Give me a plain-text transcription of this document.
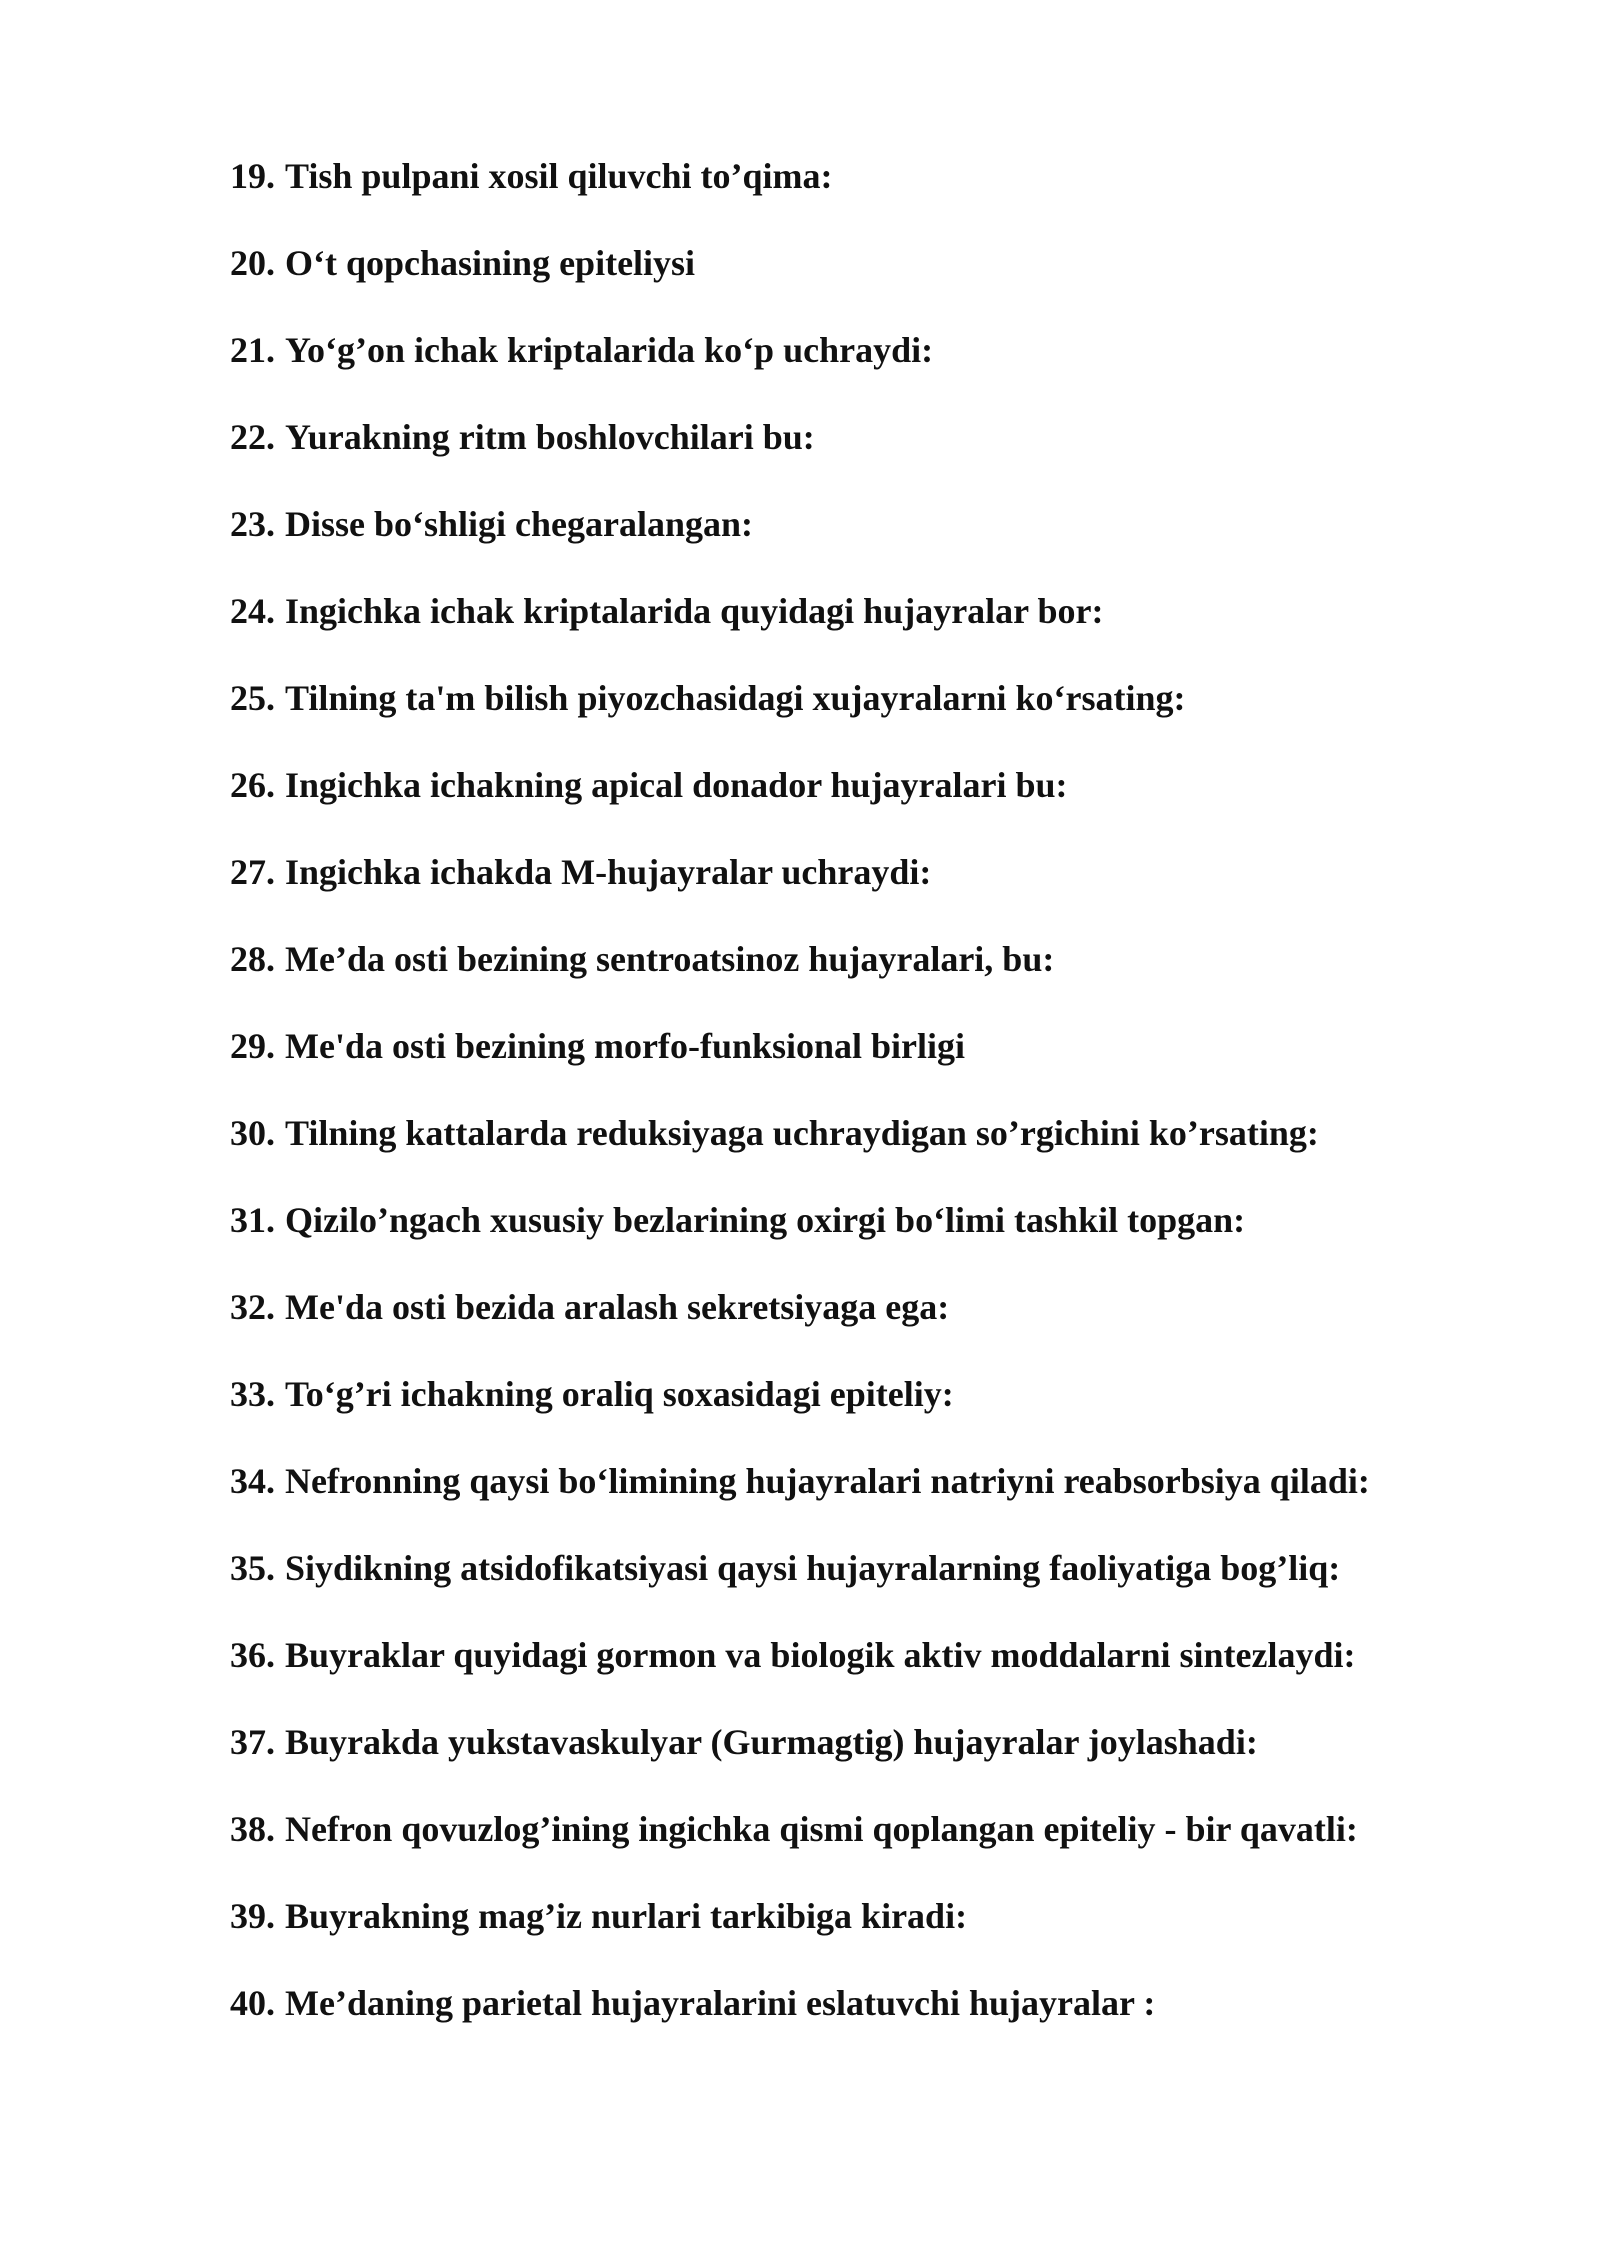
19. Tish pulpani xosil qiluvchi to’qima:
20. O‘t qopchasining epiteliysi
21. Yo‘g’on ichak kriptalarida ko‘p uchraydi:
22. Yurakning ritm boshlovchilari bu:
23. Disse bo‘shligi chegaralangan:
24. Ingichka ichak kriptalarida quyidagi hujayralar bor:
25. Tilning ta'm bilish piyozchasidagi xujayralarni ko‘rsating:
26. Ingichka ichakning apical donador hujayralari bu:
27. Ingichka ichakda M-hujayralar uchraydi:
28. Me’da osti bezining sentroatsinoz hujayralari, bu:
29. Me'da osti bezining morfo-funksional birligi
30. Tilning kattalarda reduksiyaga uchraydigan so’rgichini ko’rsating:
31. Qizilo’ngach xususiy bezlarining oxirgi bo‘limi tashkil topgan:
32. Me'da osti bezida aralash sekretsiyaga ega:
33. To‘g’ri ichakning oraliq soxasidagi epiteliy:
34. Nefronning qaysi bo‘limining hujayralari natriyni reabsorbsiya qiladi:
35. Siydikning atsidofikatsiyasi qaysi hujayralarning faoliyatiga bog’liq:
36. Buyraklar quyidagi gormon va biologik aktiv moddalarni sintezlaydi:
37. Buyrakda yukstavaskulyar (Gurmagtig) hujayralar joylashadi:
38. Nefron qovuzlog’ining ingichka qismi qoplangan epiteliy - bir qavatli:
39. Buyrakning mag’iz nurlari tarkibiga kiradi:
40. Me’daning parietal hujayralarini eslatuvchi hujayralar :
